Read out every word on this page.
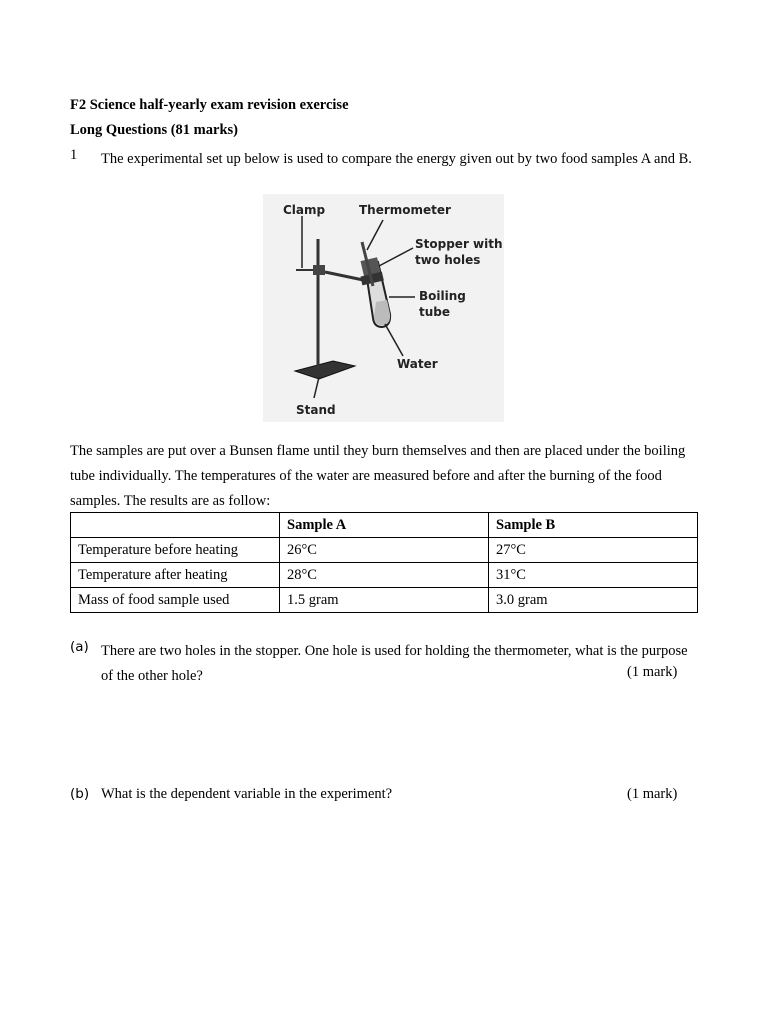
F2 Science half-yearly exam revision exercise
Long Questions (81 marks)
1 The experimental set up below is used to compare the energy given out by two food samples A and B.
Clamp	Thermometer
Stopper with
two holes
Boiling
tube
Water
Stand
The samples are put over a Bunsen flame until they burn themselves and then are placed under the boiling tube individually. The temperatures of the water are measured before and after the burning of the food samples. The results are as follow:
	Sample A	Sample B
Temperature before heating	26°C	27°C
Temperature after heating	28°C	31°C
Mass of food sample used	1.5 gram	3.0 gram
(a) There are two holes in the stopper. One hole is used for holding the thermometer, what is the purpose of the other hole?	(1 mark)
(b) What is the dependent variable in the experiment?	(1 mark)
